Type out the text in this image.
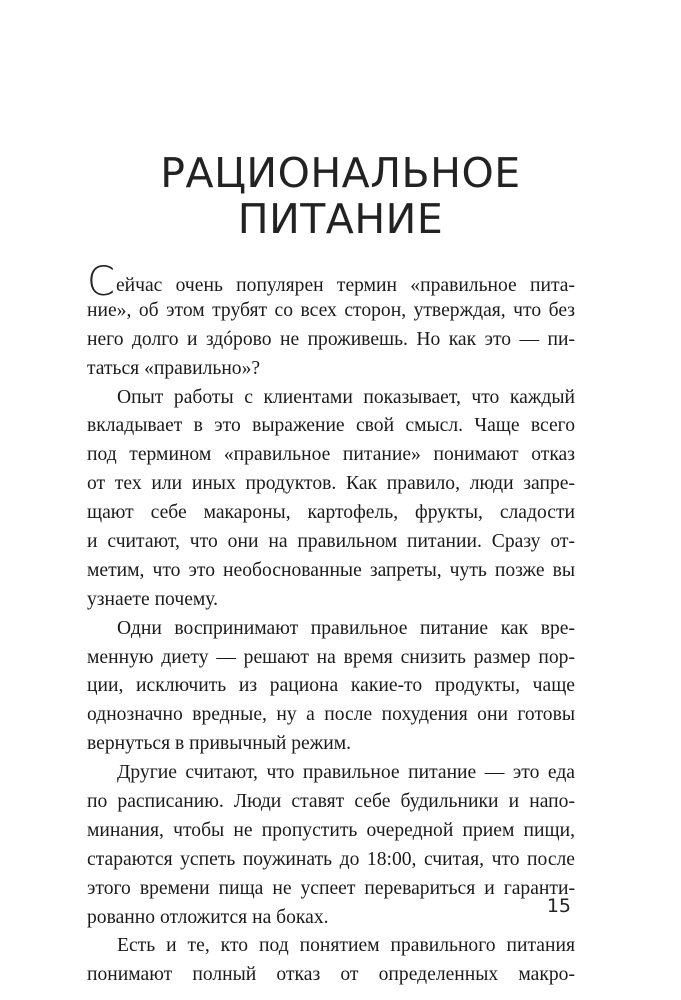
РАЦИОНАЛЬНОЕ
ПИТАНИЕ
Сейчас очень популярен термин «правильное пита-
ние», об этом трубят со всех сторон, утверждая, что без
него долго и здóрово не проживешь. Но как это — пи-
таться «правильно»?
Опыт работы с клиентами показывает, что каждый
вкладывает в это выражение свой смысл. Чаще всего
под термином «правильное питание» понимают отказ
от тех или иных продуктов. Как правило, люди запре-
щают себе макароны, картофель, фрукты, сладости
и считают, что они на правильном питании. Сразу от-
метим, что это необоснованные запреты, чуть позже вы
узнаете почему.
Одни воспринимают правильное питание как вре-
менную диету — решают на время снизить размер пор-
ции, исключить из рациона какие-то продукты, чаще
однозначно вредные, ну а после похудения они готовы
вернуться в привычный режим.
Другие считают, что правильное питание — это еда
по расписанию. Люди ставят себе будильники и напо-
минания, чтобы не пропустить очередной прием пищи,
стараются успеть поужинать до 18:00, считая, что после
этого времени пища не успеет перевариться и гаранти-
рованно отложится на боках.
Есть и те, кто под понятием правильного питания
понимают полный отказ от определенных макро-
15
